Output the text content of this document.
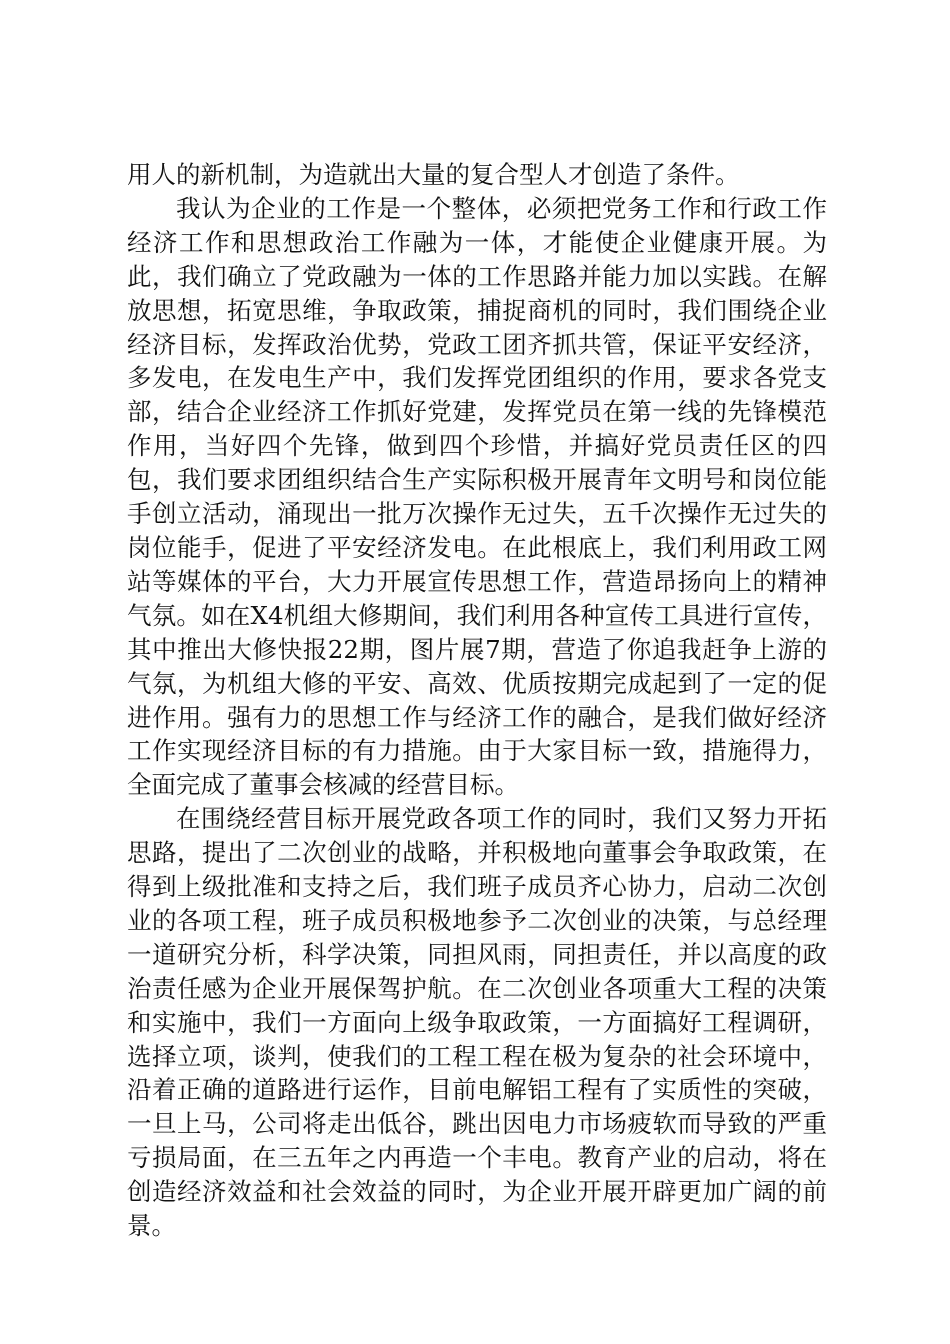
用人的新机制，为造就出大量的复合型人才创造了条件。

我认为企业的工作是一个整体，必须把党务工作和行政工作经济工作和思想政治工作融为一体，才能使企业健康开展。为此，我们确立了党政融为一体的工作思路并能力加以实践。在解放思想，拓宽思维，争取政策，捕捉商机的同时，我们围绕企业经济目标，发挥政治优势，党政工团齐抓共管，保证平安经济，多发电，在发电生产中，我们发挥党团组织的作用，要求各党支部，结合企业经济工作抓好党建，发挥党员在第一线的先锋模范作用，当好四个先锋，做到四个珍惜，并搞好党员责任区的四包，我们要求团组织结合生产实际积极开展青年文明号和岗位能手创立活动，涌现出一批万次操作无过失，五千次操作无过失的岗位能手，促进了平安经济发电。在此根底上，我们利用政工网站等媒体的平台，大力开展宣传思想工作，营造昂扬向上的精神气氛。如在X4机组大修期间，我们利用各种宣传工具进行宣传，其中推出大修快报22期，图片展7期，营造了你追我赶争上游的气氛，为机组大修的平安、高效、优质按期完成起到了一定的促进作用。强有力的思想工作与经济工作的融合，是我们做好经济工作实现经济目标的有力措施。由于大家目标一致，措施得力，全面完成了董事会核减的经营目标。

在围绕经营目标开展党政各项工作的同时，我们又努力开拓思路，提出了二次创业的战略，并积极地向董事会争取政策，在得到上级批准和支持之后，我们班子成员齐心协力，启动二次创业的各项工程，班子成员积极地参予二次创业的决策，与总经理一道研究分析，科学决策，同担风雨，同担责任，并以高度的政治责任感为企业开展保驾护航。在二次创业各项重大工程的决策和实施中，我们一方面向上级争取政策，一方面搞好工程调研，选择立项，谈判，使我们的工程工程在极为复杂的社会环境中，沿着正确的道路进行运作，目前电解铝工程有了实质性的突破，一旦上马，公司将走出低谷，跳出因电力市场疲软而导致的严重亏损局面，在三五年之内再造一个丰电。教育产业的启动，将在创造经济效益和社会效益的同时，为企业开展开辟更加广阔的前景。
